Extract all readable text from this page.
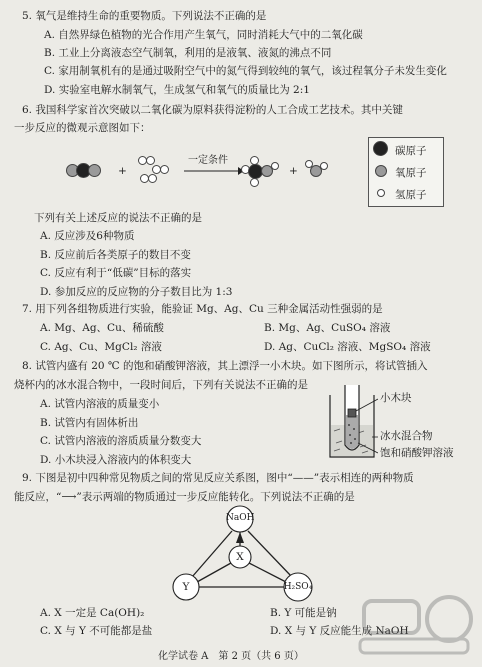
5. 氧气是维持生命的重要物质。下列说法不正确的是
A. 自然界绿色植物的光合作用产生氧气，同时消耗大气中的二氧化碳
B. 工业上分离液态空气制氧，利用的是液氧、液氮的沸点不同
C. 家用制氧机有的是通过吸附空气中的氮气得到较纯的氧气，该过程氧分子未发生变化
D. 实验室电解水制氧气，生成氢气和氧气的质量比为 2:1
6. 我国科学家首次突破以二氧化碳为原料获得淀粉的人工合成工艺技术。其中关键
一步反应的微观示意图如下：
+
一定条件
+
碳原子
氧原子
氢原子
下列有关上述反应的说法不正确的是
A. 反应涉及6种物质
B. 反应前后各类原子的数目不变
C. 反应有利于“低碳”目标的落实
D. 参加反应的反应物的分子数目比为 1:3
7. 用下列各组物质进行实验，能验证 Mg、Ag、Cu 三种金属活动性强弱的是
A. Mg、Ag、Cu、稀硫酸	B. Mg、Ag、CuSO₄ 溶液
C. Ag、Cu、MgCl₂ 溶液	D. Ag、CuCl₂ 溶液、MgSO₄ 溶液
8. 试管内盛有 20 ℃ 的饱和硝酸钾溶液，其上漂浮一小木块。如下图所示，将试管插入
烧杯内的冰水混合物中，一段时间后，下列有关说法不正确的是
A. 试管内溶液的质量变小
B. 试管内有固体析出
C. 试管内溶液的溶质质量分数变大
D. 小木块浸入溶液内的体积变大
小木块
冰水混合物
饱和硝酸钾溶液
9. 下图是初中四种常见物质之间的常见反应关系图，图中“——”表示相连的两种物质
能反应，“⟶”表示两端的物质通过一步反应能转化。下列说法不正确的是
NaOH
X
Y	H₂SO₄
A. X 一定是 Ca(OH)₂	B. Y 可能是钠
C. X 与 Y 不可能都是盐	D. X 与 Y 反应能生成 NaOH
化学试卷 A　第 2 页（共 6 页）
